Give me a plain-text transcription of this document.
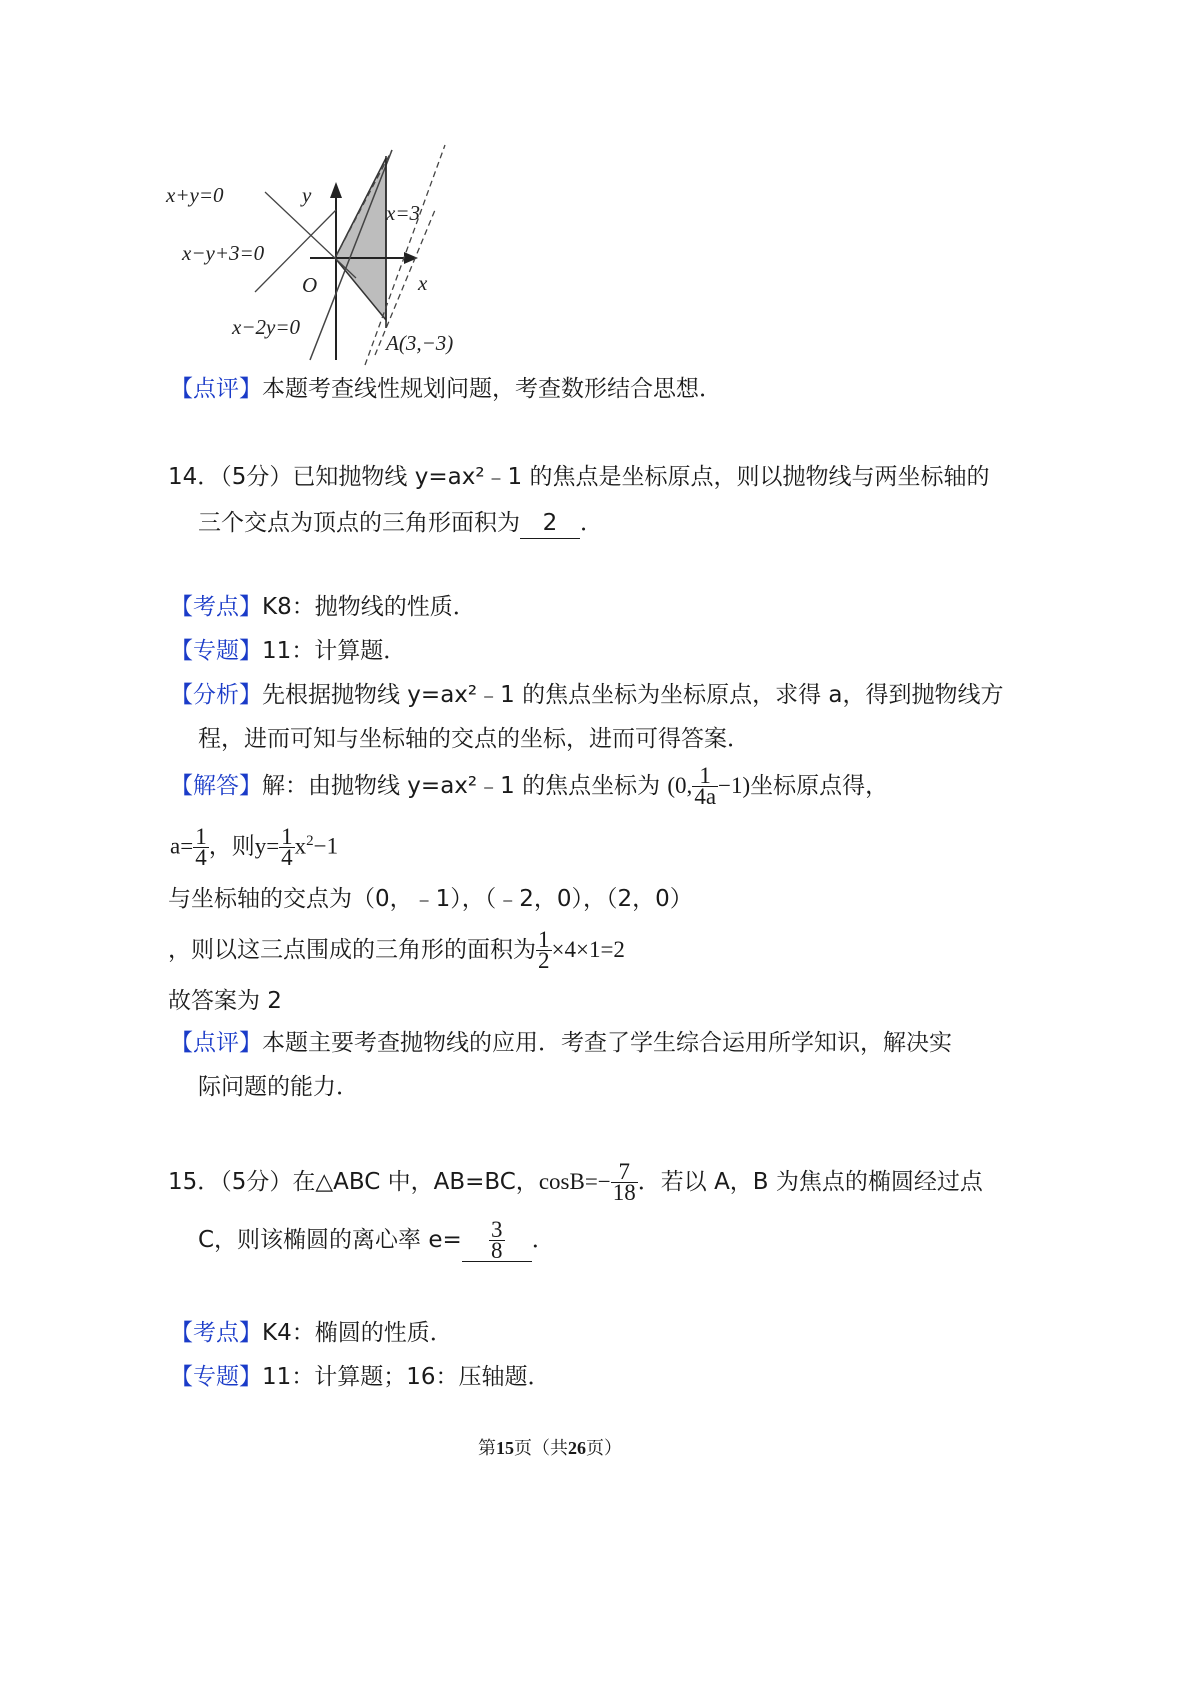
x+y=0
x−y+3=0
x−2y=0
y
x
O
x=3
A(3,−3)
【点评】本题考查线性规划问题，考查数形结合思想．
14．（5分）已知抛物线 y=ax²﹣1 的焦点是坐标原点，则以抛物线与两坐标轴的
三个交点为顶点的三角形面积为 2 ．
【考点】K8：抛物线的性质．
【专题】11：计算题．
【分析】先根据抛物线 y=ax²﹣1 的焦点坐标为坐标原点，求得 a，得到抛物线方
程，进而可知与坐标轴的交点的坐标，进而可得答案．
【解答】解：由抛物线 y=ax²﹣1 的焦点坐标为 (0, $\frac{1}{4a} -1$)坐标原点得，
$a= \frac{1}{4}$ ，则$y= \frac{1}{4} x^2-1$
与坐标轴的交点为（0，﹣1），（﹣2，0），（2，0）
，则以这三点围成的三角形的面积为 $\frac{1}{2} \times 4\times 1=2$
故答案为 2
【点评】本题主要考查抛物线的应用．考查了学生综合运用所学知识，解决实
际问题的能力．
15．（5分）在△ABC 中，AB=BC，$\cos B=- \frac{7}{18}$ ．若以 A，B 为焦点的椭圆经过点
C，则该椭圆的离心率 $e= \frac{3}{8}$ ．
【考点】K4：椭圆的性质．
【专题】11：计算题；16：压轴题．
第15页（共26页）
